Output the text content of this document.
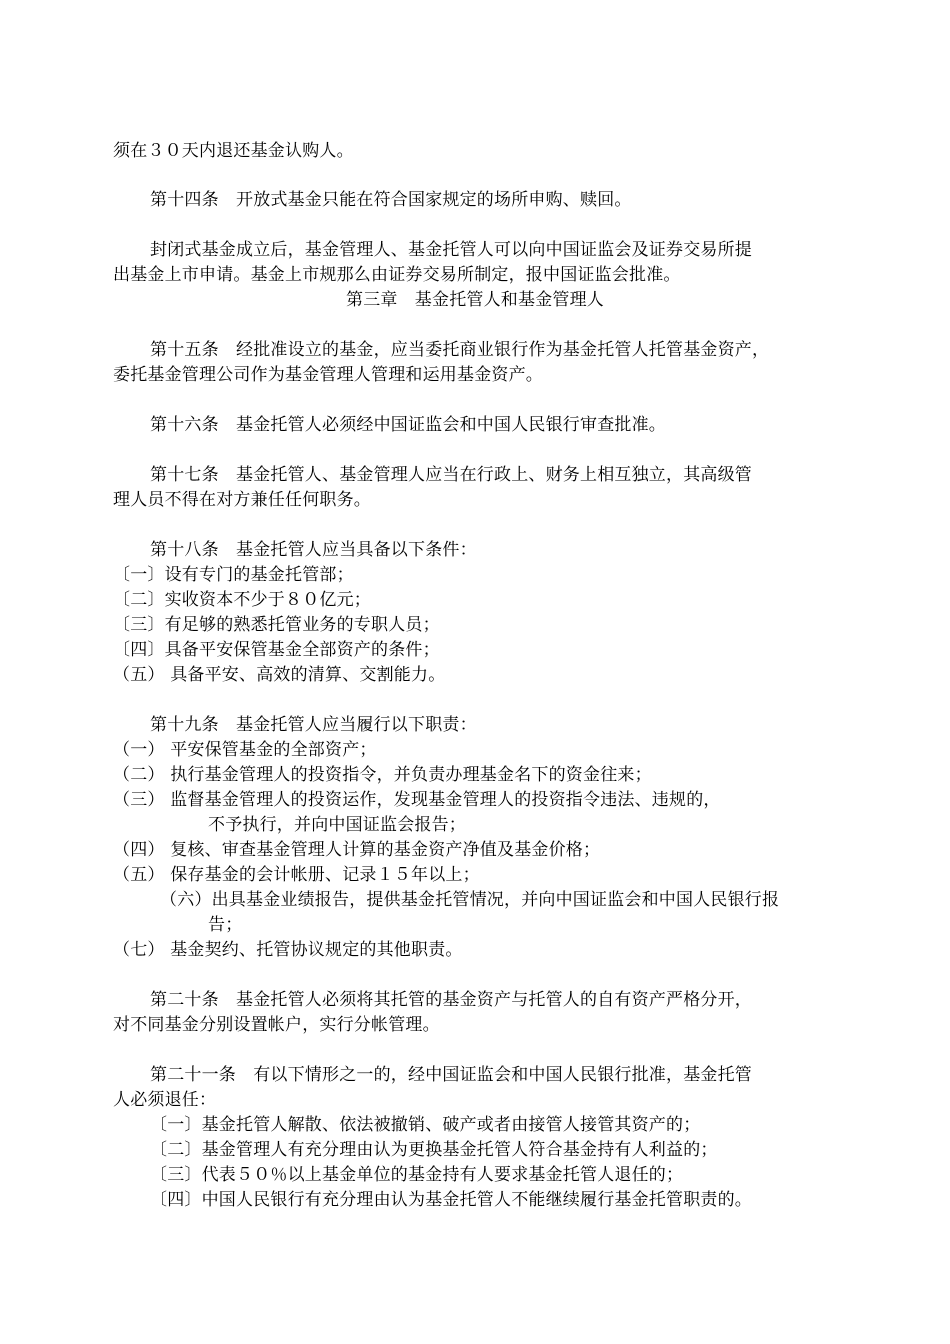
须在３０天内退还基金认购人。
第十四条　开放式基金只能在符合国家规定的场所申购、赎回。
封闭式基金成立后，基金管理人、基金托管人可以向中国证监会及证券交易所提
出基金上市申请。基金上市规那么由证券交易所制定，报中国证监会批准。
第三章　基金托管人和基金管理人
第十五条　经批准设立的基金，应当委托商业银行作为基金托管人托管基金资产，
委托基金管理公司作为基金管理人管理和运用基金资产。
第十六条　基金托管人必须经中国证监会和中国人民银行审查批准。
第十七条　基金托管人、基金管理人应当在行政上、财务上相互独立，其高级管
理人员不得在对方兼任任何职务。
第十八条　基金托管人应当具备以下条件：
〔一〕设有专门的基金托管部；
〔二〕实收资本不少于８０亿元；
〔三〕有足够的熟悉托管业务的专职人员；
〔四〕具备平安保管基金全部资产的条件；
（五） 具备平安、高效的清算、交割能力。
第十九条　基金托管人应当履行以下职责：
（一） 平安保管基金的全部资产；
（二） 执行基金管理人的投资指令，并负责办理基金名下的资金往来；
（三） 监督基金管理人的投资运作，发现基金管理人的投资指令违法、违规的，
不予执行，并向中国证监会报告；
（四） 复核、审查基金管理人计算的基金资产净值及基金价格；
（五） 保存基金的会计帐册、记录１５年以上；
（六）出具基金业绩报告，提供基金托管情况，并向中国证监会和中国人民银行报
告；
（七） 基金契约、托管协议规定的其他职责。
第二十条　基金托管人必须将其托管的基金资产与托管人的自有资产严格分开，
对不同基金分别设置帐户，实行分帐管理。
第二十一条　有以下情形之一的，经中国证监会和中国人民银行批准，基金托管
人必须退任：
〔一〕基金托管人解散、依法被撤销、破产或者由接管人接管其资产的；
〔二〕基金管理人有充分理由认为更换基金托管人符合基金持有人利益的；
〔三〕代表５０％以上基金单位的基金持有人要求基金托管人退任的；
〔四〕中国人民银行有充分理由认为基金托管人不能继续履行基金托管职责的。
